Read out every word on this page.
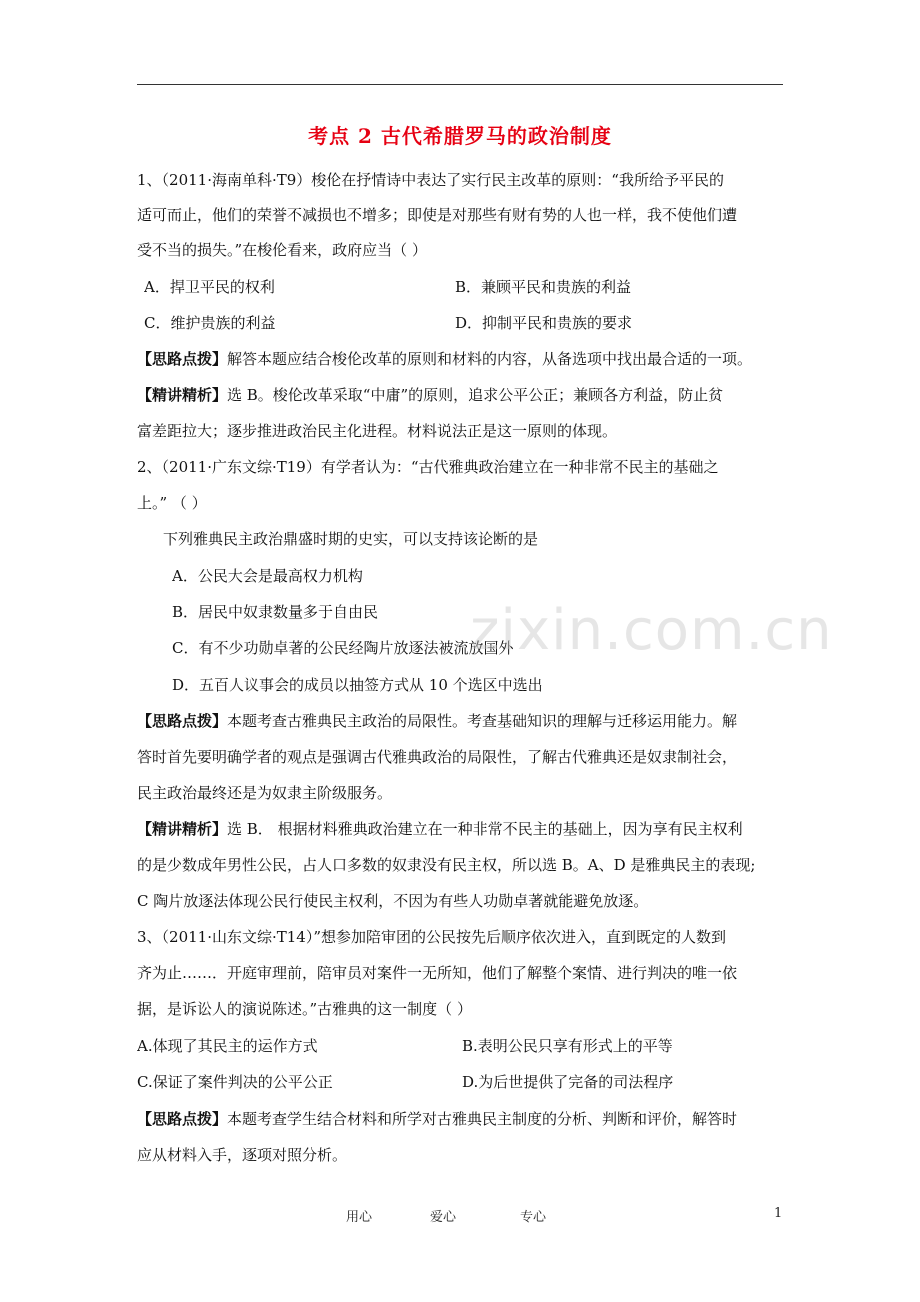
考点 2 古代希腊罗马的政治制度
1、（2011·海南单科·T9）梭伦在抒情诗中表达了实行民主改革的原则：“我所给予平民的
适可而止，他们的荣誉不减损也不增多；即使是对那些有财有势的人也一样，我不使他们遭
受不当的损失。”在梭伦看来，政府应当（ ）
A．捍卫平民的权利	B．兼顾平民和贵族的利益
C．维护贵族的利益	D．抑制平民和贵族的要求
【思路点拨】解答本题应结合梭伦改革的原则和材料的内容，从备选项中找出最合适的一项。
【精讲精析】选 B。梭伦改革采取“中庸”的原则，追求公平公正；兼顾各方利益，防止贫
富差距拉大；逐步推进政治民主化进程。材料说法正是这一原则的体现。
2、（2011·广东文综·T19）有学者认为：“古代雅典政治建立在一种非常不民主的基础之
上。” （ ）
下列雅典民主政治鼎盛时期的史实，可以支持该论断的是
A．公民大会是最高权力机构
B．居民中奴隶数量多于自由民
C．有不少功勋卓著的公民经陶片放逐法被流放国外
D．五百人议事会的成员以抽签方式从 10 个选区中选出
【思路点拨】本题考查古雅典民主政治的局限性。考查基础知识的理解与迁移运用能力。解
答时首先要明确学者的观点是强调古代雅典政治的局限性，了解古代雅典还是奴隶制社会，
民主政治最终还是为奴隶主阶级服务。
【精讲精析】选 B． 根据材料雅典政治建立在一种非常不民主的基础上，因为享有民主权利
的是少数成年男性公民，占人口多数的奴隶没有民主权，所以选 B。A、D 是雅典民主的表现;
C 陶片放逐法体现公民行使民主权利，不因为有些人功勋卓著就能避免放逐。
3、（2011·山东文综·T14）”想参加陪审团的公民按先后顺序依次进入，直到既定的人数到
齐为止……．开庭审理前，陪审员对案件一无所知，他们了解整个案情、进行判决的唯一依
据，是诉讼人的演说陈述。”古雅典的这一制度（ ）
A.体现了其民主的运作方式	B.表明公民只享有形式上的平等
C.保证了案件判决的公平公正	D.为后世提供了完备的司法程序
【思路点拨】本题考查学生结合材料和所学对古雅典民主制度的分析、判断和评价，解答时
应从材料入手，逐项对照分析。
zixin.com.cn
用心	爱心	专心	1
